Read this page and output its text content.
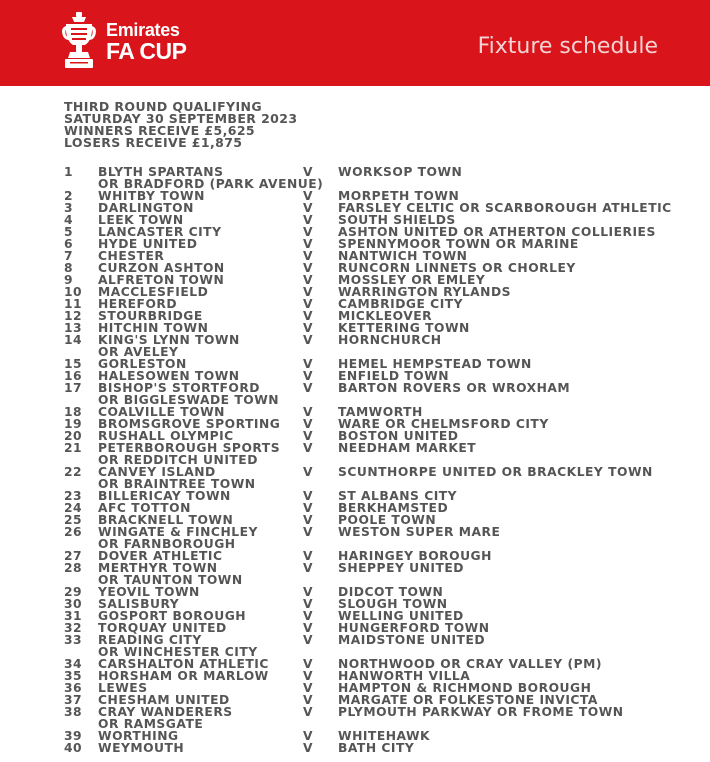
Emirates
FA CUP	Fixture schedule
THIRD ROUND QUALIFYING
SATURDAY 30 SEPTEMBER 2023
WINNERS RECEIVE £5,625
LOSERS RECEIVE £1,875
1 BLYTH SPARTANS
OR BRADFORD (PARK AVENUE)
V WORKSOP TOWN
2 WHITBY TOWN	V MORPETH TOWN
3 DARLINGTON	V FARSLEY CELTIC OR SCARBOROUGH ATHLETIC
4 LEEK TOWN	V SOUTH SHIELDS
5 LANCASTER CITY	V ASHTON UNITED OR ATHERTON COLLIERIES
6 HYDE UNITED	V SPENNYMOOR TOWN OR MARINE
7 CHESTER	V NANTWICH TOWN
8 CURZON ASHTON	V RUNCORN LINNETS OR CHORLEY
9 ALFRETON TOWN	V MOSSLEY OR EMLEY
10 MACCLESFIELD	V WARRINGTON RYLANDS
11 HEREFORD	V CAMBRIDGE CITY
12 STOURBRIDGE	V MICKLEOVER
13 HITCHIN TOWN	V KETTERING TOWN
14 KING'S LYNN TOWN
OR AVELEY
V HORNCHURCH
15 GORLESTON	V HEMEL HEMPSTEAD TOWN
16 HALESOWEN TOWN	V ENFIELD TOWN
17 BISHOP'S STORTFORD
OR BIGGLESWADE TOWN
V BARTON ROVERS OR WROXHAM
18 COALVILLE TOWN	V TAMWORTH
19 BROMSGROVE SPORTING V WARE OR CHELMSFORD CITY
20 RUSHALL OLYMPIC	V BOSTON UNITED
21 PETERBOROUGH SPORTS
OR REDDITCH UNITED
V NEEDHAM MARKET
22 CANVEY ISLAND
OR BRAINTREE TOWN
V SCUNTHORPE UNITED OR BRACKLEY TOWN
23 BILLERICAY TOWN	V ST ALBANS CITY
24 AFC TOTTON	V BERKHAMSTED
25 BRACKNELL TOWN	V POOLE TOWN
26 WINGATE & FINCHLEY
OR FARNBOROUGH
V WESTON SUPER MARE
27 DOVER ATHLETIC	V HARINGEY BOROUGH
28 MERTHYR TOWN
OR TAUNTON TOWN
V SHEPPEY UNITED
29 YEOVIL TOWN	V DIDCOT TOWN
30 SALISBURY	V SLOUGH TOWN
31 GOSPORT BOROUGH	V WELLING UNITED
32 TORQUAY UNITED	V HUNGERFORD TOWN
33 READING CITY
OR WINCHESTER CITY
V MAIDSTONE UNITED
34 CARSHALTON ATHLETIC	V NORTHWOOD OR CRAY VALLEY (PM)
35 HORSHAM OR MARLOW	V HANWORTH VILLA
36 LEWES	V HAMPTON & RICHMOND BOROUGH
37 CHESHAM UNITED	V MARGATE OR FOLKESTONE INVICTA
38 CRAY WANDERERS
OR RAMSGATE
V PLYMOUTH PARKWAY OR FROME TOWN
39 WORTHING	V WHITEHAWK
40 WEYMOUTH	V BATH CITY
